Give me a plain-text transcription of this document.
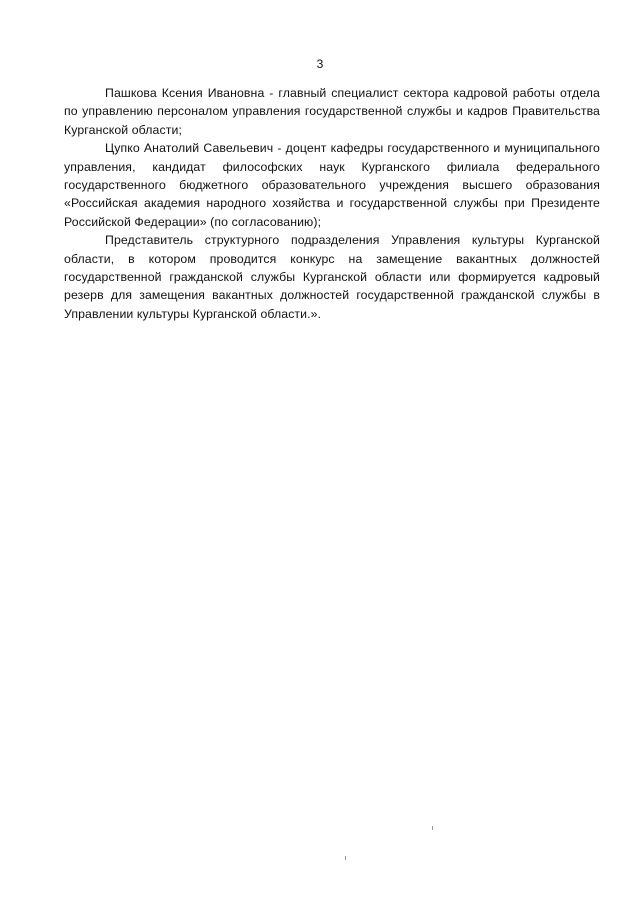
3

Пашкова Ксения Ивановна - главный специалист сектора кадровой работы отдела по управлению персоналом управления государственной службы и кадров Правительства Курганской области;

Цупко Анатолий Савельевич - доцент кафедры государственного и муниципального управления, кандидат философских наук Курганского филиала федерального государственного бюджетного образовательного учреждения высшего образования «Российская академия народного хозяйства и государственной службы при Президенте Российской Федерации» (по согласованию);

Представитель структурного подразделения Управления культуры Курганской области, в котором проводится конкурс на замещение вакантных должностей государственной гражданской службы Курганской области или формируется кадровый резерв для замещения вакантных должностей государственной гражданской службы в Управлении культуры Курганской области.».
